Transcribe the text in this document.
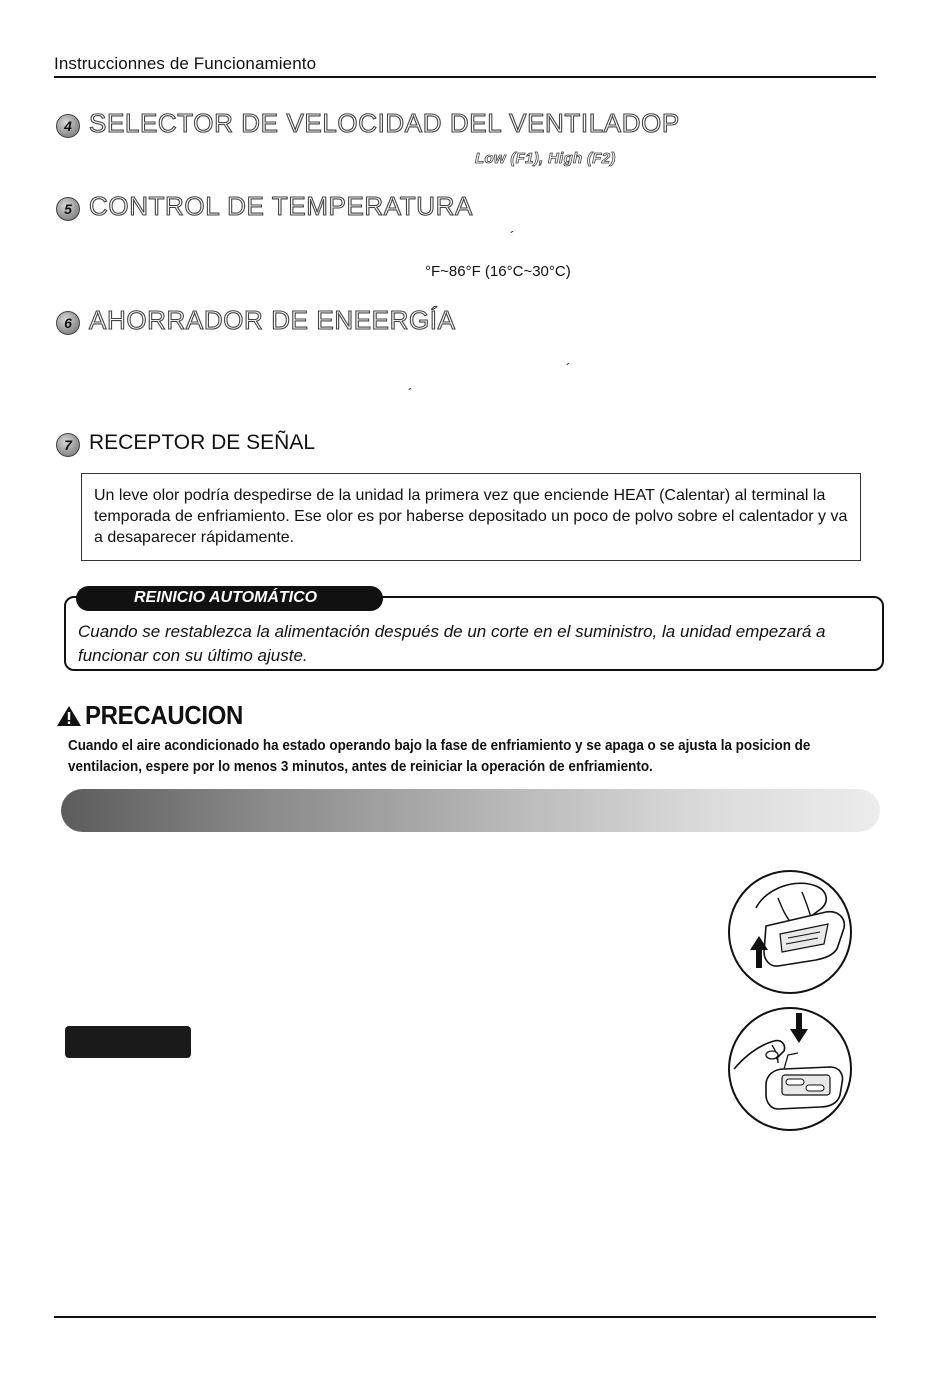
Instruccionnes de Funcionamiento
4 SELECTOR DE VELOCIDAD DEL VENTILADOP
Low (F1), High (F2)
5 CONTROL DE TEMPERATURA
´
°F~86°F (16°C~30°C)
6 AHORRADOR DE ENEERGÍA
´
´
7 RECEPTOR DE SEÑAL
Un leve olor podría despedirse de la unidad la primera vez que enciende HEAT (Calentar) al terminal la temporada de enfriamiento. Ese olor es por haberse depositado un poco de polvo sobre el calentador y va a desaparecer rápidamente.
REINICIO AUTOMÁTICO
Cuando se restablezca la alimentación después de un corte en el suministro, la unidad empezará a funcionar con su último ajuste.
PRECAUCION
Cuando el aire acondicionado ha estado operando bajo la fase de enfriamiento y se apaga o se ajusta la posicion de ventilacion, espere por lo menos 3 minutos, antes de reiniciar la operación de enfriamiento.
